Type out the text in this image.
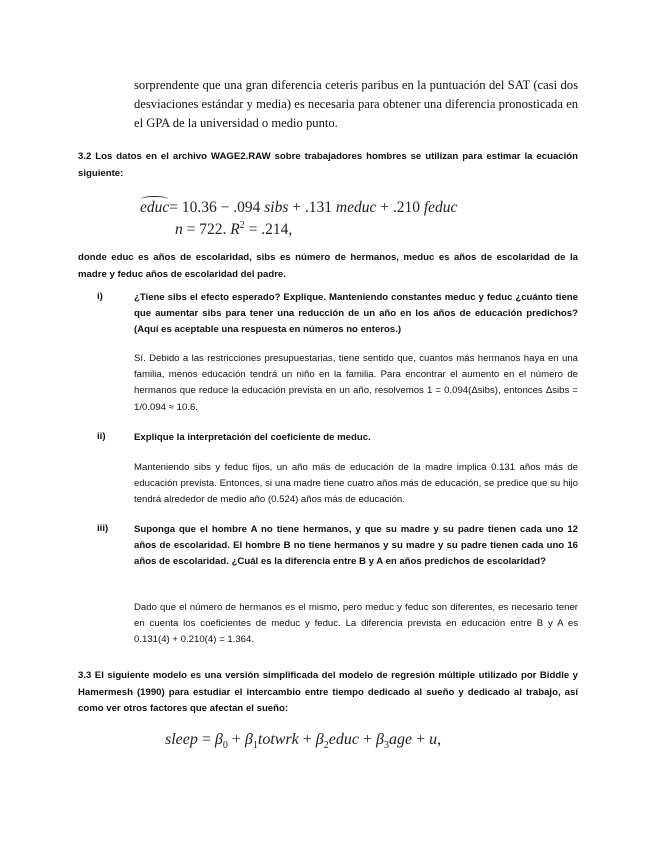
sorprendente que una gran diferencia ceteris paribus en la puntuación del SAT (casi dos desviaciones estándar y media) es necesaria para obtener una diferencia pronosticada en el GPA de la universidad o medio punto.
3.2 Los datos en el archivo WAGE2.RAW sobre trabajadores hombres se utilizan para estimar la ecuación siguiente:
educ= 10.36 − .094 sibs + .131 meduc + .210 feduc
n = 722. $R^2 = .214$,
donde educ es años de escolaridad, sibs es número de hermanos, meduc es años de escolaridad de la madre y feduc años de escolaridad del padre.
i)	¿Tiene sibs el efecto esperado? Explique. Manteniendo constantes meduc y feduc ¿cuánto tiene que aumentar sibs para tener una reducción de un año en los años de educación predichos? (Aquí es aceptable una respuesta en números no enteros.)
Sí. Debido a las restricciones presupuestarias, tiene sentido que, cuantos más hermanos haya en una familia, menos educación tendrá un niño en la familia. Para encontrar el aumento en el número de hermanos que reduce la educación prevista en un año, resolvemos 1 = 0.094(Δsibs), entonces Δsibs = 1/0.094 ≈ 10.6.
ii)	Explique la interpretación del coeficiente de meduc.
Manteniendo sibs y feduc fijos, un año más de educación de la madre implica 0.131 años más de educación prevista. Entonces, si una madre tiene cuatro años más de educación, se predice que su hijo tendrá alrededor de medio año (0.524) años más de educación.
iii)	Suponga que el hombre A no tiene hermanos, y que su madre y su padre tienen cada uno 12 años de escolaridad. El hombre B no tiene hermanos y su madre y su padre tienen cada uno 16 años de escolaridad. ¿Cuál es la diferencia entre B y A en años predichos de escolaridad?
Dado que el número de hermanos es el mismo, pero meduc y feduc son diferentes, es necesario tener en cuenta los coeficientes de meduc y feduc. La diferencia prevista en educación entre B y A es 0.131(4) + 0.210(4) = 1.364.
3.3 El siguiente modelo es una versión simplificada del modelo de regresión múltiple utilizado por Biddle y Hamermesh (1990) para estudiar el intercambio entre tiempo dedicado al sueño y dedicado al trabajo, así como ver otros factores que afectan el sueño:
sleep = $\beta_0$ + $\beta_1totwrk$ + $\beta_2educ + \beta_3age + u$,
